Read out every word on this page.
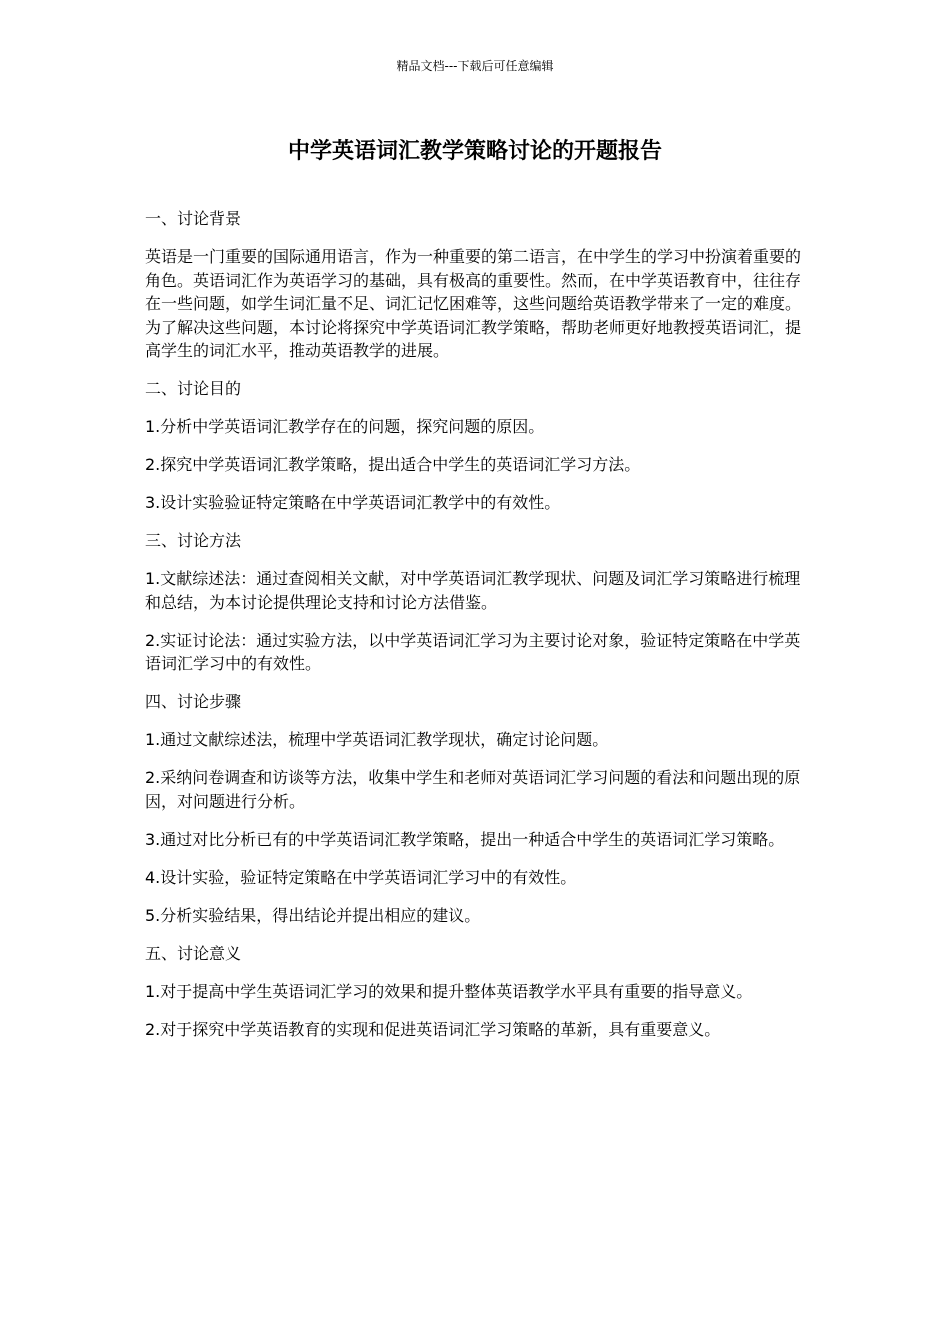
精品文档---下载后可任意编辑
中学英语词汇教学策略讨论的开题报告

一、讨论背景

英语是一门重要的国际通用语言，作为一种重要的第二语言，在中学生的学习中扮演着重要的角色。英语词汇作为英语学习的基础，具有极高的重要性。然而，在中学英语教育中，往往存在一些问题，如学生词汇量不足、词汇记忆困难等，这些问题给英语教学带来了一定的难度。为了解决这些问题，本讨论将探究中学英语词汇教学策略，帮助老师更好地教授英语词汇，提高学生的词汇水平，推动英语教学的进展。

二、讨论目的

1.分析中学英语词汇教学存在的问题，探究问题的原因。

2.探究中学英语词汇教学策略，提出适合中学生的英语词汇学习方法。

3.设计实验验证特定策略在中学英语词汇教学中的有效性。

三、讨论方法

1.文献综述法：通过查阅相关文献，对中学英语词汇教学现状、问题及词汇学习策略进行梳理和总结，为本讨论提供理论支持和讨论方法借鉴。

2.实证讨论法：通过实验方法，以中学英语词汇学习为主要讨论对象，验证特定策略在中学英语词汇学习中的有效性。

四、讨论步骤

1.通过文献综述法，梳理中学英语词汇教学现状，确定讨论问题。

2.采纳问卷调查和访谈等方法，收集中学生和老师对英语词汇学习问题的看法和问题出现的原因，对问题进行分析。

3.通过对比分析已有的中学英语词汇教学策略，提出一种适合中学生的英语词汇学习策略。

4.设计实验，验证特定策略在中学英语词汇学习中的有效性。

5.分析实验结果，得出结论并提出相应的建议。

五、讨论意义

1.对于提高中学生英语词汇学习的效果和提升整体英语教学水平具有重要的指导意义。

2.对于探究中学英语教育的实现和促进英语词汇学习策略的革新，具有重要意义。
